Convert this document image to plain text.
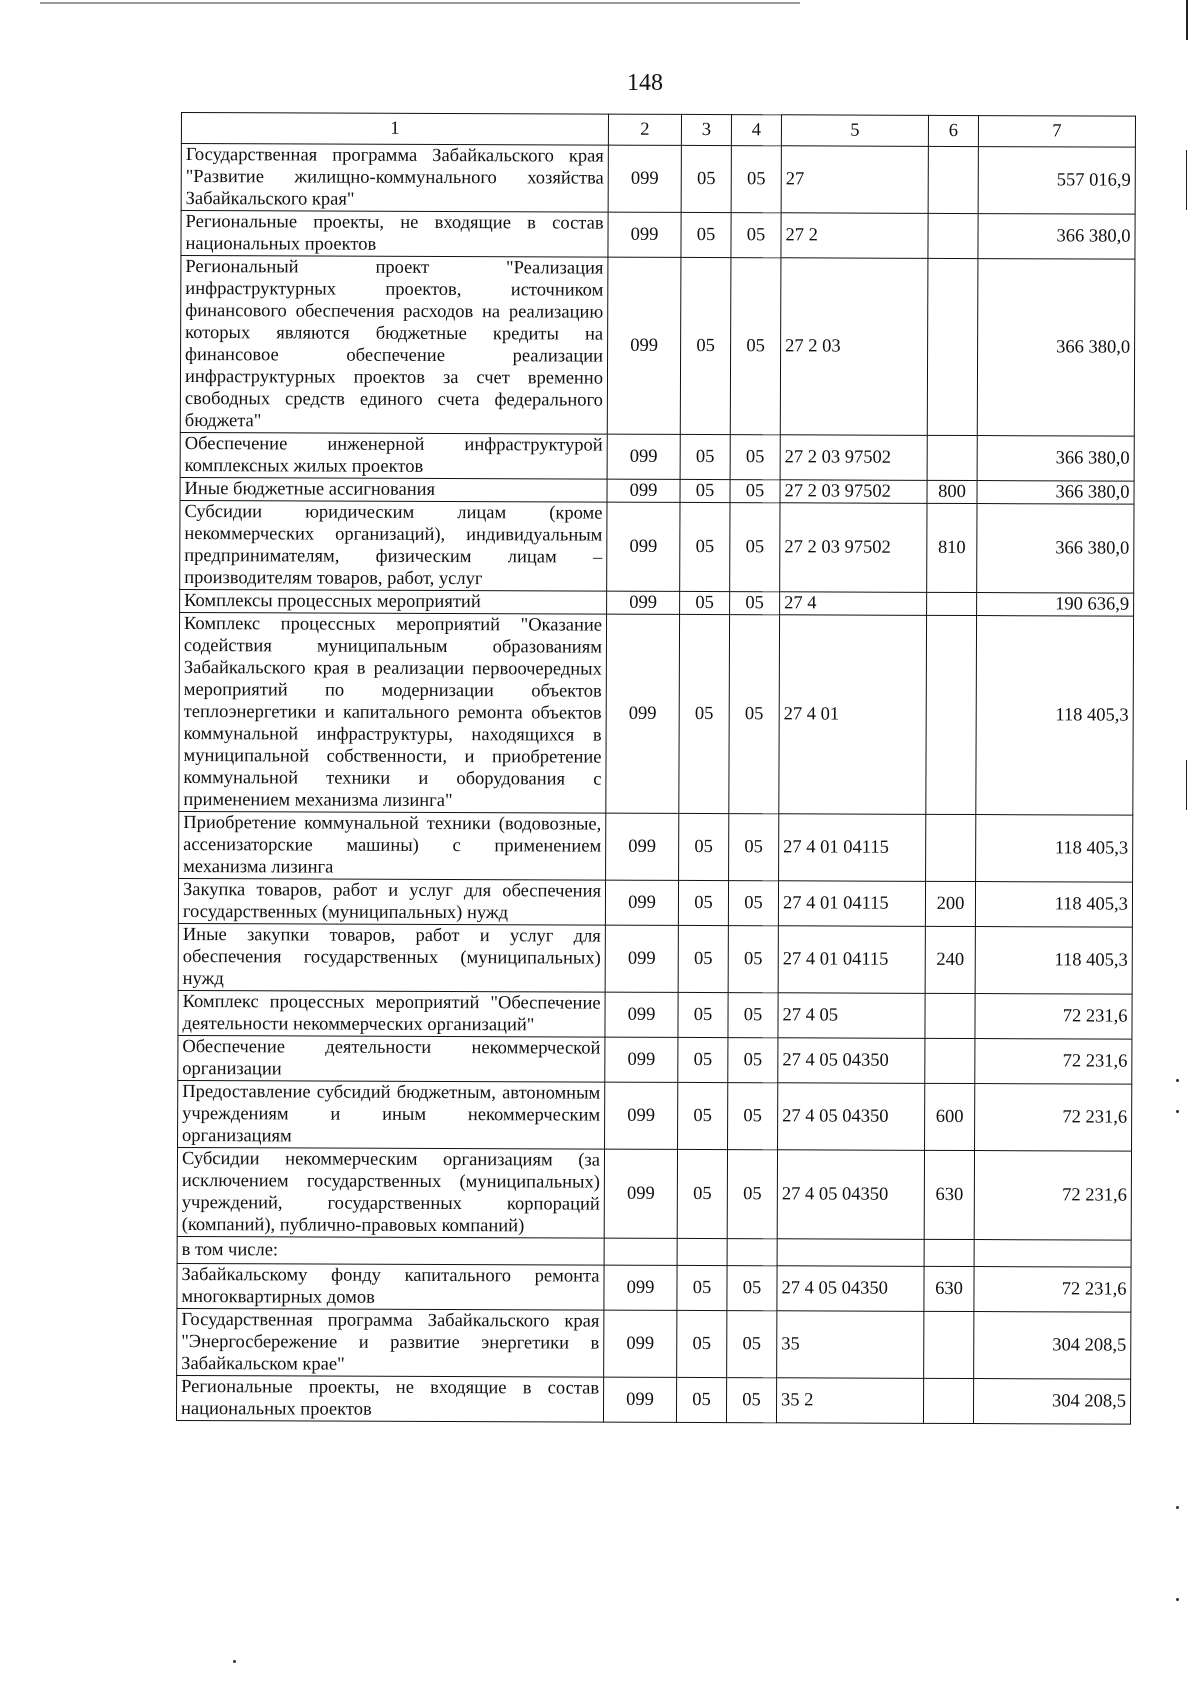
148
1	2	3	4	5	6	7
Государственная программа Забайкальского края "Развитие жилищно-коммунального хозяйства Забайкальского края"	099	05	05	27		557 016,9
Региональные проекты, не входящие в состав национальных проектов	099	05	05	27 2		366 380,0
Региональный проект "Реализация инфраструктурных проектов, источником финансового обеспечения расходов на реализацию которых являются бюджетные кредиты на финансовое обеспечение реализации инфраструктурных проектов за счет временно свободных средств единого счета федерального бюджета"	099	05	05	27 2 03		366 380,0
Обеспечение инженерной инфраструктурой комплексных жилых проектов	099	05	05	27 2 03 97502		366 380,0
Иные бюджетные ассигнования	099	05	05	27 2 03 97502	800	366 380,0
Субсидии юридическим лицам (кроме некоммерческих организаций), индивидуальным предпринимателям, физическим лицам – производителям товаров, работ, услуг	099	05	05	27 2 03 97502	810	366 380,0
Комплексы процессных мероприятий	099	05	05	27 4		190 636,9
Комплекс процессных мероприятий "Оказание содействия муниципальным образованиям Забайкальского края в реализации первоочередных мероприятий по модернизации объектов теплоэнергетики и капитального ремонта объектов коммунальной инфраструктуры, находящихся в муниципальной собственности, и приобретение коммунальной техники и оборудования с применением механизма лизинга"	099	05	05	27 4 01		118 405,3
Приобретение коммунальной техники (водовозные, ассенизаторские машины) с применением механизма лизинга	099	05	05	27 4 01 04115		118 405,3
Закупка товаров, работ и услуг для обеспечения государственных (муниципальных) нужд	099	05	05	27 4 01 04115	200	118 405,3
Иные закупки товаров, работ и услуг для обеспечения государственных (муниципальных) нужд	099	05	05	27 4 01 04115	240	118 405,3
Комплекс процессных мероприятий "Обеспечение деятельности некоммерческих организаций"	099	05	05	27 4 05		72 231,6
Обеспечение деятельности некоммерческой организации	099	05	05	27 4 05 04350		72 231,6
Предоставление субсидий бюджетным, автономным учреждениям и иным некоммерческим организациям	099	05	05	27 4 05 04350	600	72 231,6
Субсидии некоммерческим организациям (за исключением государственных (муниципальных) учреждений, государственных корпораций (компаний), публично-правовых компаний)	099	05	05	27 4 05 04350	630	72 231,6
в том числе:						
Забайкальскому фонду капитального ремонта многоквартирных домов	099	05	05	27 4 05 04350	630	72 231,6
Государственная программа Забайкальского края "Энергосбережение и развитие энергетики в Забайкальском крае"	099	05	05	35		304 208,5
Региональные проекты, не входящие в состав национальных проектов	099	05	05	35 2		304 208,5
